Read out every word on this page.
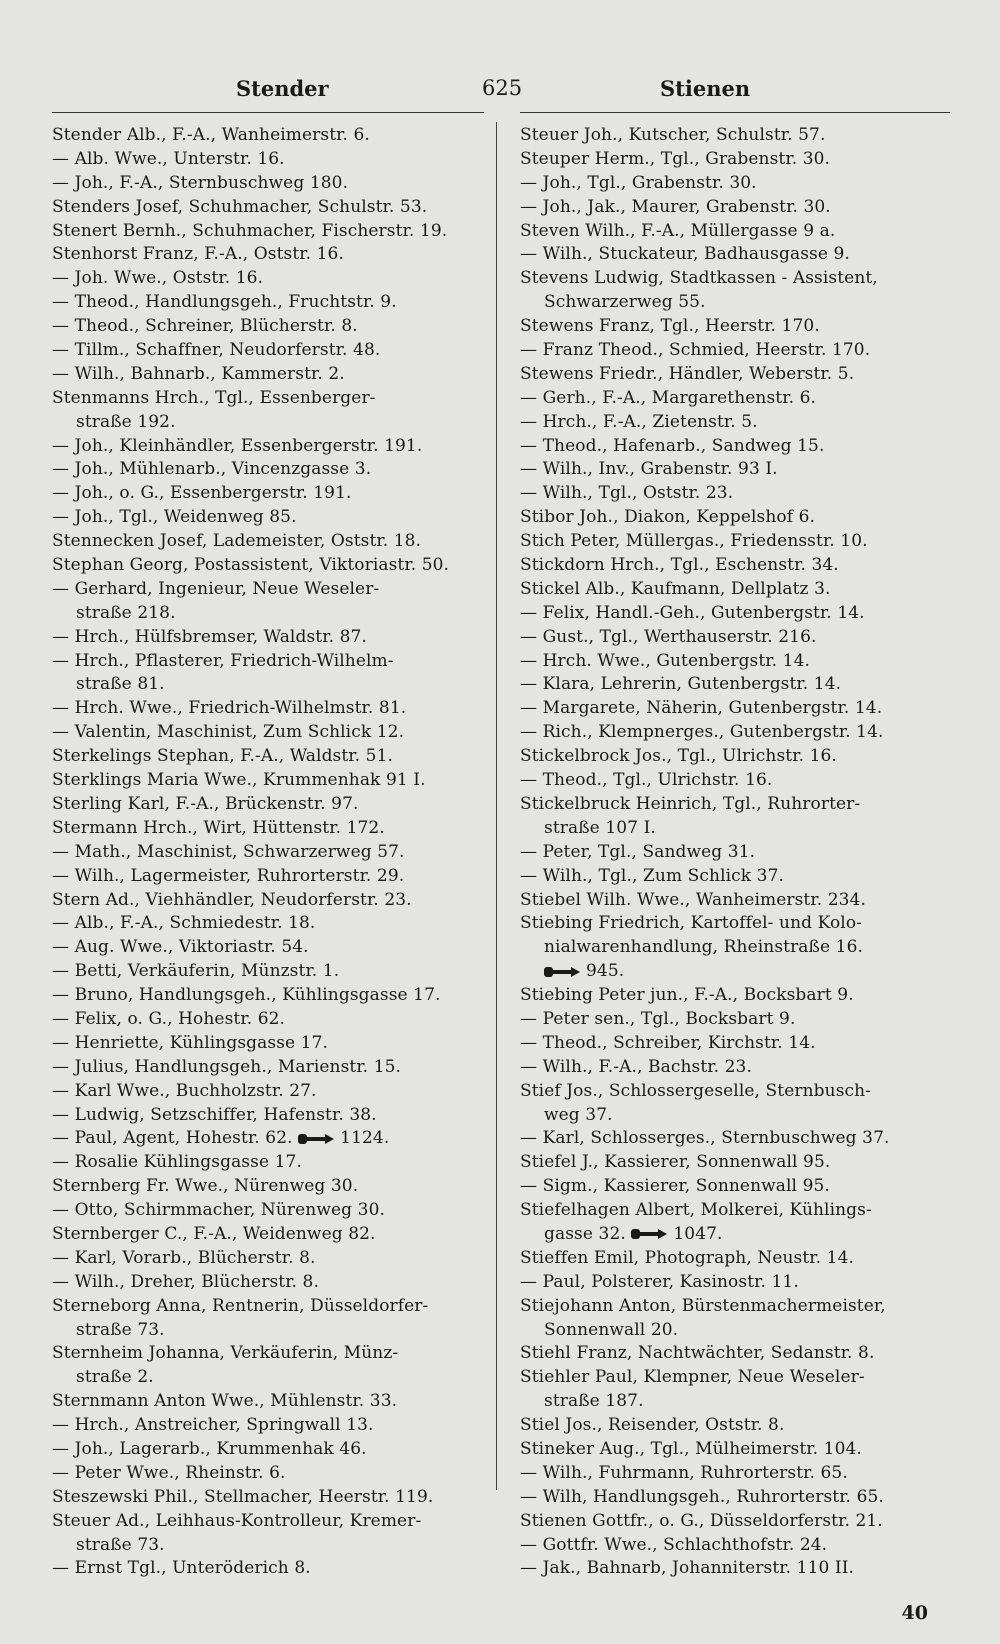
Stender	625	Stienen
Stender Alb., F.-A., Wanheimerstr. 6.
— Alb. Wwe., Unterstr. 16.
— Joh., F.-A., Sternbuschweg 180.
Stenders Josef, Schuhmacher, Schulstr. 53.
Stenert Bernh., Schuhmacher, Fischerstr. 19.
Stenhorst Franz, F.-A., Oststr. 16.
— Joh. Wwe., Oststr. 16.
— Theod., Handlungsgeh., Fruchtstr. 9.
— Theod., Schreiner, Blücherstr. 8.
— Tillm., Schaffner, Neudorferstr. 48.
— Wilh., Bahnarb., Kammerstr. 2.
Stenmanns Hrch., Tgl., Essenberger-
straße 192.
— Joh., Kleinhändler, Essenbergerstr. 191.
— Joh., Mühlenarb., Vincenzgasse 3.
— Joh., o. G., Essenbergerstr. 191.
— Joh., Tgl., Weidenweg 85.
Stennecken Josef, Lademeister, Oststr. 18.
Stephan Georg, Postassistent, Viktoriastr. 50.
— Gerhard, Ingenieur, Neue Weseler-
straße 218.
— Hrch., Hülfsbremser, Waldstr. 87.
— Hrch., Pflasterer, Friedrich-Wilhelm-
straße 81.
— Hrch. Wwe., Friedrich-Wilhelmstr. 81.
— Valentin, Maschinist, Zum Schlick 12.
Sterkelings Stephan, F.-A., Waldstr. 51.
Sterklings Maria Wwe., Krummenhak 91 I.
Sterling Karl, F.-A., Brückenstr. 97.
Stermann Hrch., Wirt, Hüttenstr. 172.
— Math., Maschinist, Schwarzerweg 57.
— Wilh., Lagermeister, Ruhrorterstr. 29.
Stern Ad., Viehhändler, Neudorferstr. 23.
— Alb., F.-A., Schmiedestr. 18.
— Aug. Wwe., Viktoriastr. 54.
— Betti, Verkäuferin, Münzstr. 1.
— Bruno, Handlungsgeh., Kühlingsgasse 17.
— Felix, o. G., Hohestr. 62.
— Henriette, Kühlingsgasse 17.
— Julius, Handlungsgeh., Marienstr. 15.
— Karl Wwe., Buchholzstr. 27.
— Ludwig, Setzschiffer, Hafenstr. 38.
— Paul, Agent, Hohestr. 62.	1124.
— Rosalie Kühlingsgasse 17.
Sternberg Fr. Wwe., Nürenweg 30.
— Otto, Schirmmacher, Nürenweg 30.
Sternberger C., F.-A., Weidenweg 82.
— Karl, Vorarb., Blücherstr. 8.
— Wilh., Dreher, Blücherstr. 8.
Sterneborg Anna, Rentnerin, Düsseldorfer-
straße 73.
Sternheim Johanna, Verkäuferin, Münz-
straße 2.
Sternmann Anton Wwe., Mühlenstr. 33.
— Hrch., Anstreicher, Springwall 13.
— Joh., Lagerarb., Krummenhak 46.
— Peter Wwe., Rheinstr. 6.
Steszewski Phil., Stellmacher, Heerstr. 119.
Steuer Ad., Leihhaus-Kontrolleur, Kremer-
straße 73.
— Ernst Tgl., Unteröderich 8.
Steuer Joh., Kutscher, Schulstr. 57.
Steuper Herm., Tgl., Grabenstr. 30.
— Joh., Tgl., Grabenstr. 30.
— Joh., Jak., Maurer, Grabenstr. 30.
Steven Wilh., F.-A., Müllergasse 9 a.
— Wilh., Stuckateur, Badhausgasse 9.
Stevens Ludwig, Stadtkassen - Assistent,
Schwarzerweg 55.
Stewens Franz, Tgl., Heerstr. 170.
— Franz Theod., Schmied, Heerstr. 170.
Stewens Friedr., Händler, Weberstr. 5.
— Gerh., F.-A., Margarethenstr. 6.
— Hrch., F.-A., Zietenstr. 5.
— Theod., Hafenarb., Sandweg 15.
— Wilh., Inv., Grabenstr. 93 I.
— Wilh., Tgl., Oststr. 23.
Stibor Joh., Diakon, Keppelshof 6.
Stich Peter, Müllergas., Friedensstr. 10.
Stickdorn Hrch., Tgl., Eschenstr. 34.
Stickel Alb., Kaufmann, Dellplatz 3.
— Felix, Handl.-Geh., Gutenbergstr. 14.
— Gust., Tgl., Werthauserstr. 216.
— Hrch. Wwe., Gutenbergstr. 14.
— Klara, Lehrerin, Gutenbergstr. 14.
— Margarete, Näherin, Gutenbergstr. 14.
— Rich., Klempnerges., Gutenbergstr. 14.
Stickelbrock Jos., Tgl., Ulrichstr. 16.
— Theod., Tgl., Ulrichstr. 16.
Stickelbruck Heinrich, Tgl., Ruhrorter-
straße 107 I.
— Peter, Tgl., Sandweg 31.
— Wilh., Tgl., Zum Schlick 37.
Stiebel Wilh. Wwe., Wanheimerstr. 234.
Stiebing Friedrich, Kartoffel- und Kolo-
nialwarenhandlung, Rheinstraße 16.
945.
Stiebing Peter jun., F.-A., Bocksbart 9.
— Peter sen., Tgl., Bocksbart 9.
— Theod., Schreiber, Kirchstr. 14.
— Wilh., F.-A., Bachstr. 23.
Stief Jos., Schlossergeselle, Sternbusch-
weg 37.
— Karl, Schlosserges., Sternbuschweg 37.
Stiefel J., Kassierer, Sonnenwall 95.
— Sigm., Kassierer, Sonnenwall 95.
Stiefelhagen Albert, Molkerei, Kühlings-
gasse 32.	1047.
Stieffen Emil, Photograph, Neustr. 14.
— Paul, Polsterer, Kasinostr. 11.
Stiejohann Anton, Bürstenmachermeister,
Sonnenwall 20.
Stiehl Franz, Nachtwächter, Sedanstr. 8.
Stiehler Paul, Klempner, Neue Weseler-
straße 187.
Stiel Jos., Reisender, Oststr. 8.
Stineker Aug., Tgl., Mülheimerstr. 104.
— Wilh., Fuhrmann, Ruhrorterstr. 65.
— Wilh, Handlungsgeh., Ruhrorterstr. 65.
Stienen Gottfr., o. G., Düsseldorferstr. 21.
— Gottfr. Wwe., Schlachthofstr. 24.
— Jak., Bahnarb, Johanniterstr. 110 II.
40
